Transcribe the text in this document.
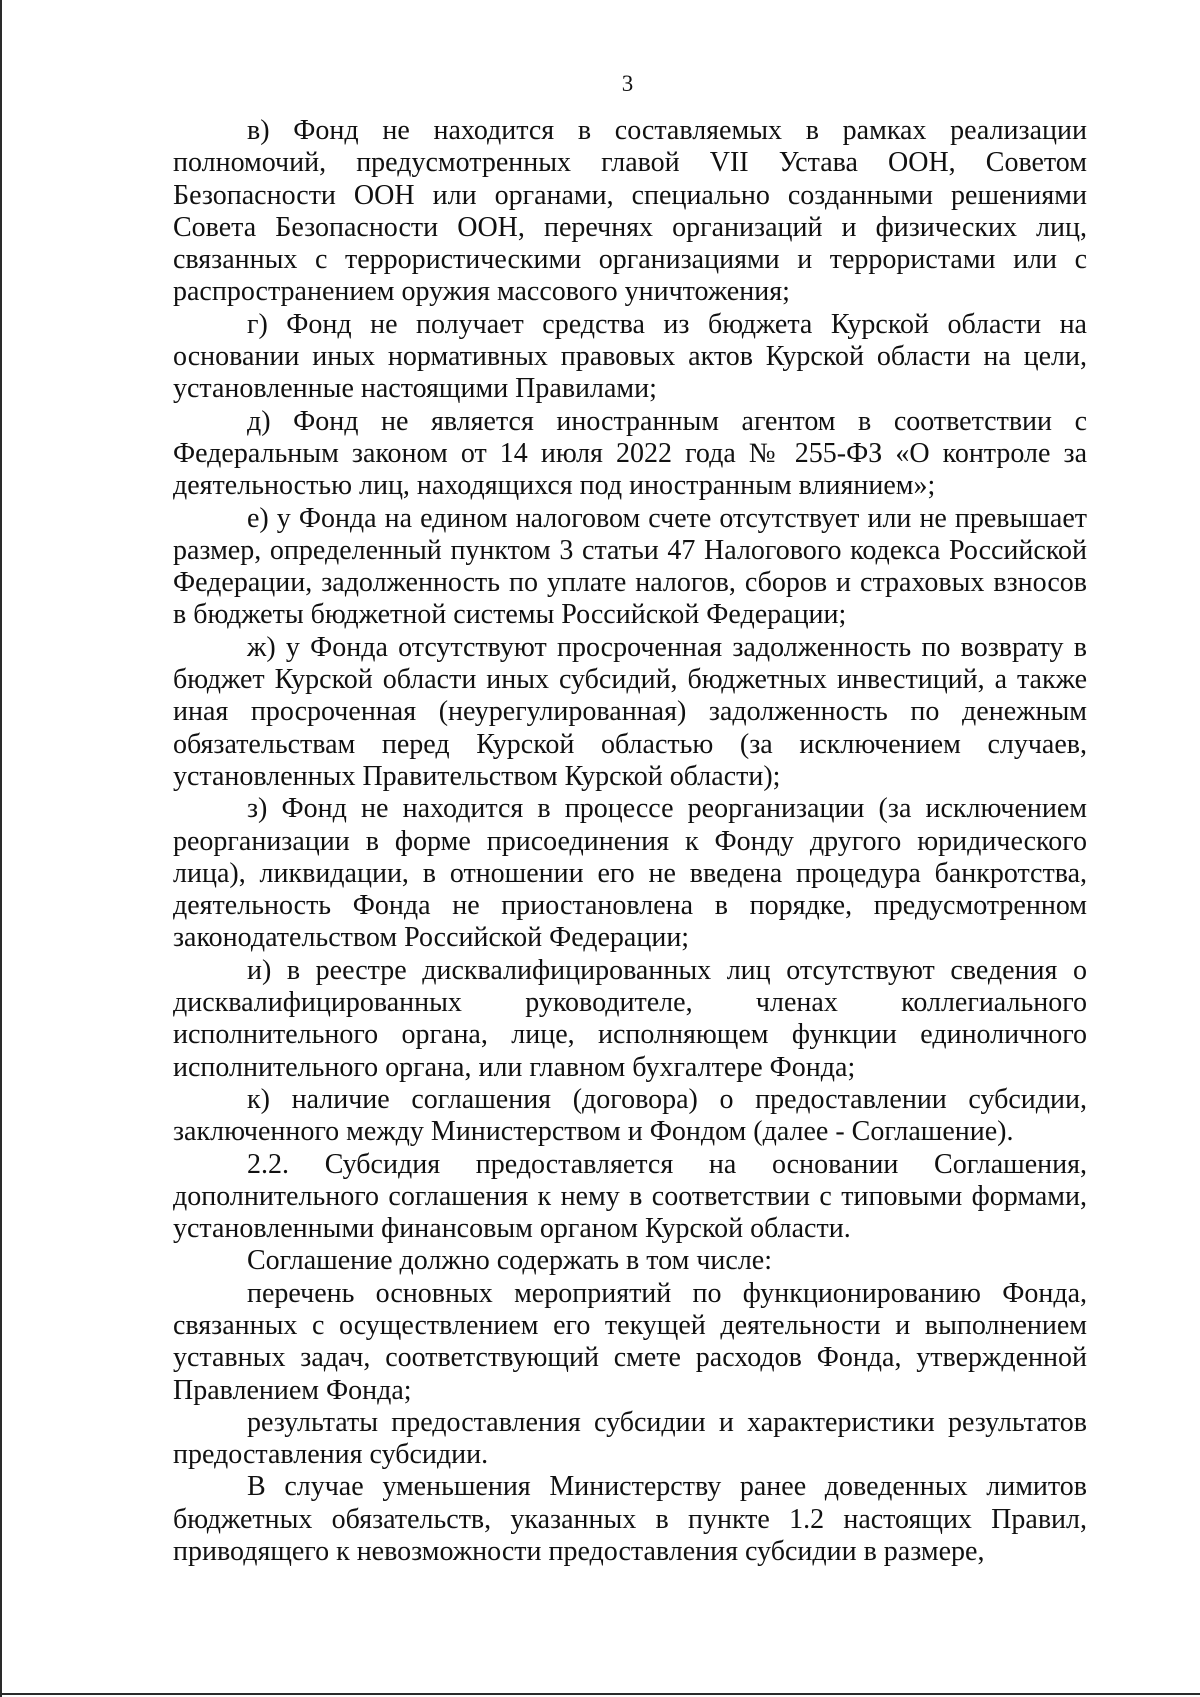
3

в) Фонд не находится в составляемых в рамках реализации полномочий, предусмотренных главой VII Устава ООН, Советом Безопасности ООН или органами, специально созданными решениями Совета Безопасности ООН, перечнях организаций и физических лиц, связанных с террористическими организациями и террористами или с распространением оружия массового уничтожения;

г) Фонд не получает средства из бюджета Курской области на основании иных нормативных правовых актов Курской области на цели, установленные настоящими Правилами;

д) Фонд не является иностранным агентом в соответствии с Федеральным законом от 14 июля 2022 года № 255-ФЗ «О контроле за деятельностью лиц, находящихся под иностранным влиянием»;

е) у Фонда на едином налоговом счете отсутствует или не превышает размер, определенный пунктом 3 статьи 47 Налогового кодекса Российской Федерации, задолженность по уплате налогов, сборов и страховых взносов в бюджеты бюджетной системы Российской Федерации;

ж) у Фонда отсутствуют просроченная задолженность по возврату в бюджет Курской области иных субсидий, бюджетных инвестиций, а также иная просроченная (неурегулированная) задолженность по денежным обязательствам перед Курской областью (за исключением случаев, установленных Правительством Курской области);

з) Фонд не находится в процессе реорганизации (за исключением реорганизации в форме присоединения к Фонду другого юридического лица), ликвидации, в отношении его не введена процедура банкротства, деятельность Фонда не приостановлена в порядке, предусмотренном законодательством Российской Федерации;

и) в реестре дисквалифицированных лиц отсутствуют сведения о дисквалифицированных руководителе, членах коллегиального исполнительного органа, лице, исполняющем функции единоличного исполнительного органа, или главном бухгалтере Фонда;

к) наличие соглашения (договора) о предоставлении субсидии, заключенного между Министерством и Фондом (далее - Соглашение).

2.2. Субсидия предоставляется на основании Соглашения, дополнительного соглашения к нему в соответствии с типовыми формами, установленными финансовым органом Курской области.

Соглашение должно содержать в том числе:

перечень основных мероприятий по функционированию Фонда, связанных с осуществлением его текущей деятельности и выполнением уставных задач, соответствующий смете расходов Фонда, утвержденной Правлением Фонда;

результаты предоставления субсидии и характеристики результатов предоставления субсидии.

В случае уменьшения Министерству ранее доведенных лимитов бюджетных обязательств, указанных в пункте 1.2 настоящих Правил, приводящего к невозможности предоставления субсидии в размере,
